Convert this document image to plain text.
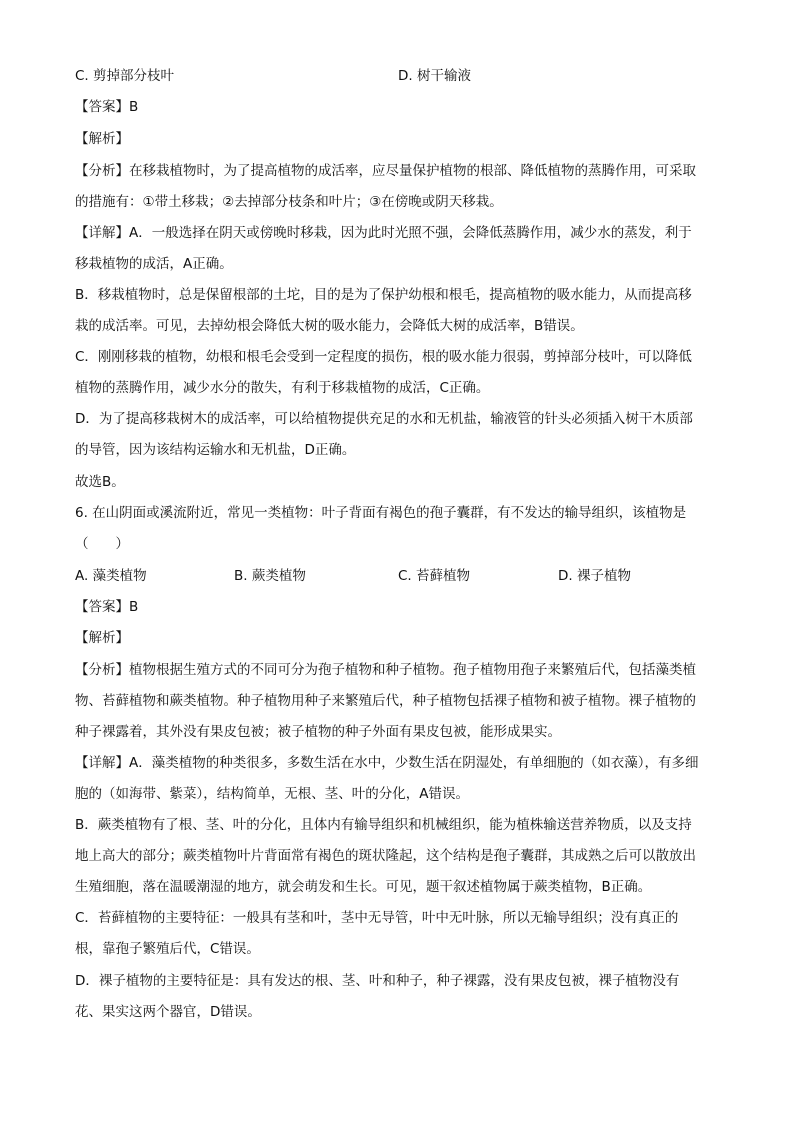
C. 剪掉部分枝叶	D. 树干输液
【答案】B
【解析】
【分析】在移栽植物时，为了提高植物的成活率，应尽量保护植物的根部、降低植物的蒸腾作用，可采取
的措施有：①带土移栽；②去掉部分枝条和叶片；③在傍晚或阴天移栽。
【详解】A．一般选择在阴天或傍晚时移栽，因为此时光照不强，会降低蒸腾作用，减少水的蒸发，利于
移栽植物的成活，A正确。
B．移栽植物时，总是保留根部的土坨，目的是为了保护幼根和根毛，提高植物的吸水能力，从而提高移
栽的成活率。可见，去掉幼根会降低大树的吸水能力，会降低大树的成活率，B错误。
C．刚刚移栽的植物，幼根和根毛会受到一定程度的损伤，根的吸水能力很弱，剪掉部分枝叶，可以降低
植物的蒸腾作用，减少水分的散失，有利于移栽植物的成活，C正确。
D．为了提高移栽树木的成活率，可以给植物提供充足的水和无机盐，输液管的针头必须插入树干木质部
的导管，因为该结构运输水和无机盐，D正确。
故选B。
6. 在山阴面或溪流附近，常见一类植物：叶子背面有褐色的孢子囊群，有不发达的输导组织，该植物是
（　　）
A. 藻类植物	B. 蕨类植物	C. 苔藓植物	D. 裸子植物
【答案】B
【解析】
【分析】植物根据生殖方式的不同可分为孢子植物和种子植物。孢子植物用孢子来繁殖后代，包括藻类植
物、苔藓植物和蕨类植物。种子植物用种子来繁殖后代，种子植物包括裸子植物和被子植物。裸子植物的
种子裸露着，其外没有果皮包被；被子植物的种子外面有果皮包被，能形成果实。
【详解】A．藻类植物的种类很多，多数生活在水中，少数生活在阴湿处，有单细胞的（如衣藻），有多细
胞的（如海带、紫菜），结构简单，无根、茎、叶的分化，A错误。
B．蕨类植物有了根、茎、叶的分化，且体内有输导组织和机械组织，能为植株输送营养物质，以及支持
地上高大的部分；蕨类植物叶片背面常有褐色的斑状隆起，这个结构是孢子囊群，其成熟之后可以散放出
生殖细胞，落在温暖潮湿的地方，就会萌发和生长。可见，题干叙述植物属于蕨类植物，B正确。
C．苔藓植物的主要特征：一般具有茎和叶，茎中无导管，叶中无叶脉，所以无输导组织；没有真正的
根，靠孢子繁殖后代，C错误。
D．裸子植物的主要特征是：具有发达的根、茎、叶和种子，种子裸露，没有果皮包被，裸子植物没有
花、果实这两个器官，D错误。
